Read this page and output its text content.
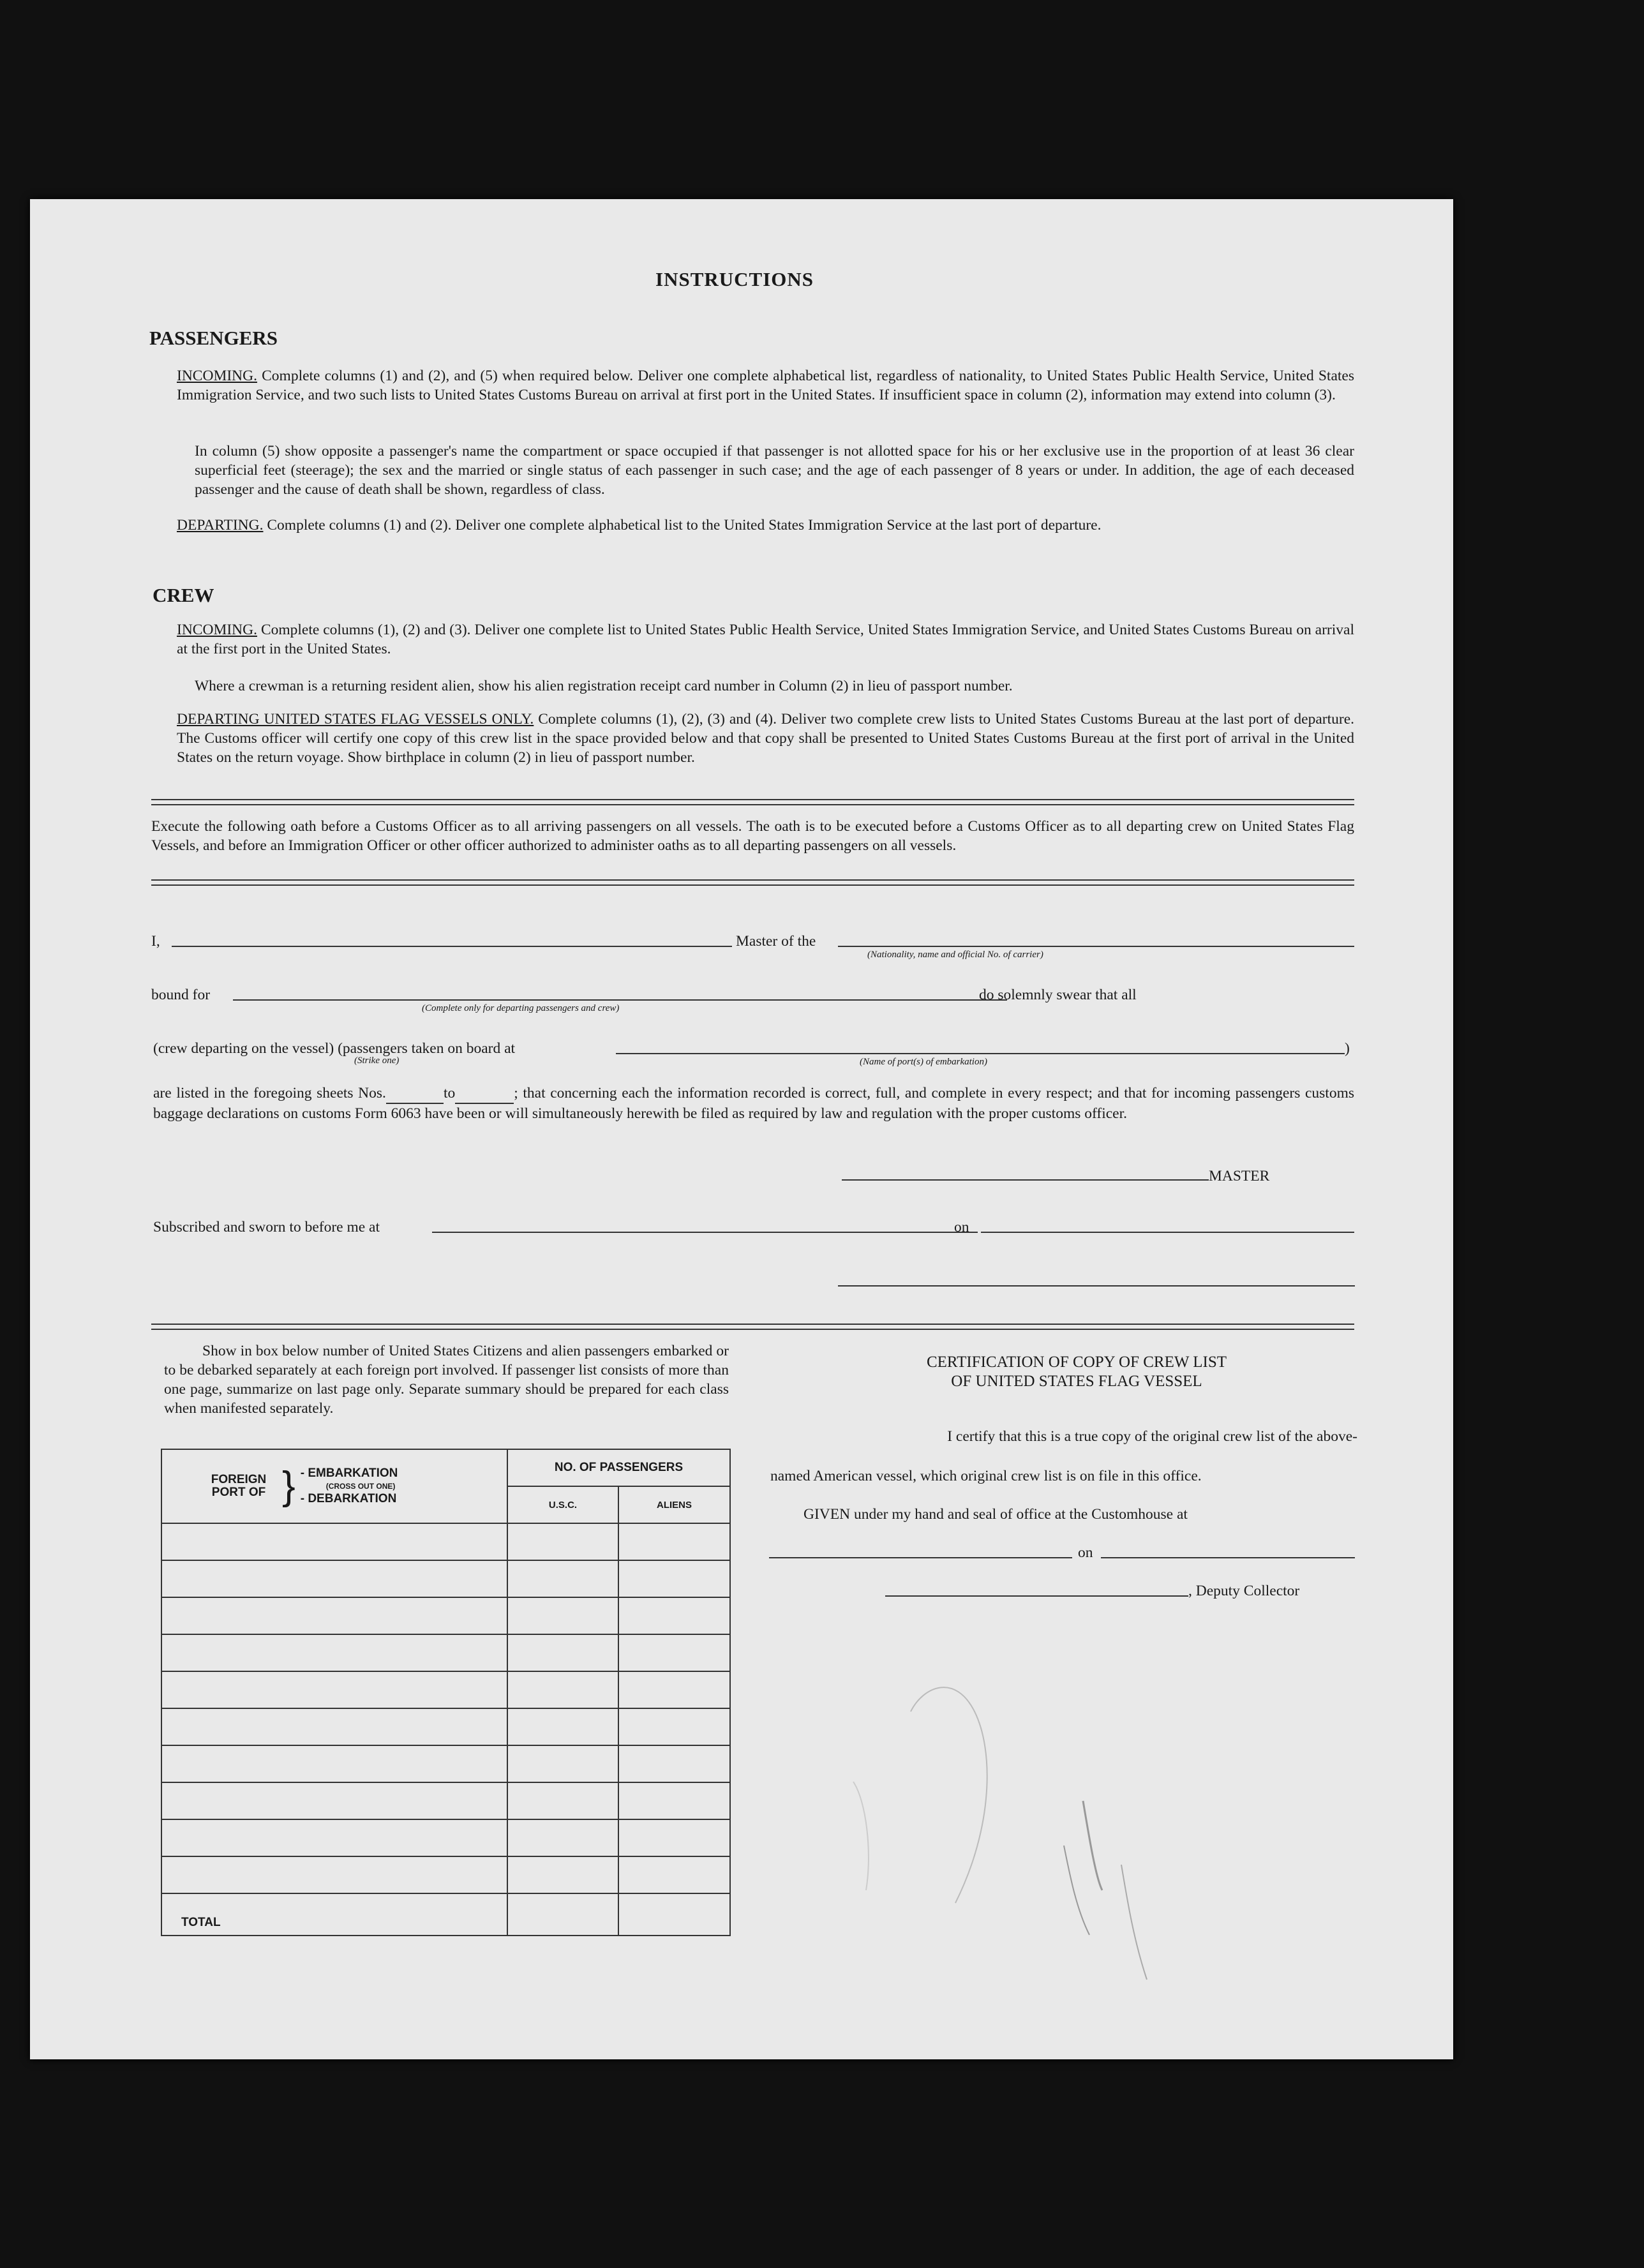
INSTRUCTIONS
PASSENGERS
INCOMING. Complete columns (1) and (2), and (5) when required below. Deliver one complete alphabetical list, regardless of nationality, to United States Public Health Service, United States Immigration Service, and two such lists to United States Customs Bureau on arrival at first port in the United States. If insufficient space in column (2), information may extend into column (3).
In column (5) show opposite a passenger's name the compartment or space occupied if that passenger is not allotted space for his or her exclusive use in the proportion of at least 36 clear superficial feet (steerage); the sex and the married or single status of each passenger in such case; and the age of each passenger of 8 years or under. In addition, the age of each deceased passenger and the cause of death shall be shown, regardless of class.
DEPARTING. Complete columns (1) and (2). Deliver one complete alphabetical list to the United States Immigration Service at the last port of departure.
CREW
INCOMING. Complete columns (1), (2) and (3). Deliver one complete list to United States Public Health Service, United States Immigration Service, and United States Customs Bureau on arrival at the first port in the United States.
Where a crewman is a returning resident alien, show his alien registration receipt card number in Column (2) in lieu of passport number.
DEPARTING UNITED STATES FLAG VESSELS ONLY. Complete columns (1), (2), (3) and (4). Deliver two complete crew lists to United States Customs Bureau at the last port of departure. The Customs officer will certify one copy of this crew list in the space provided below and that copy shall be presented to United States Customs Bureau at the first port of arrival in the United States on the return voyage. Show birthplace in column (2) in lieu of passport number.
Execute the following oath before a Customs Officer as to all arriving passengers on all vessels. The oath is to be executed before a Customs Officer as to all departing crew on United States Flag Vessels, and before an Immigration Officer or other officer authorized to administer oaths as to all departing passengers on all vessels.
I,	Master of the
(Nationality, name and official No. of carrier)
bound for
(Complete only for departing passengers and crew)
do solemnly swear that all
(crew departing on the vessel) (passengers taken on board at
(Strike one)	(Name of port(s) of embarkation)
)
are listed in the foregoing sheets Nos.	to	; that concerning each the information recorded is correct, full, and complete in every respect; and that for incoming passengers customs baggage declarations on customs Form 6063 have been or will simultaneously herewith be filed as required by law and regulation with the proper customs officer.
MASTER
Subscribed and sworn to before me at	on
Show in box below number of United States Citizens and alien passengers embarked or to be debarked separately at each foreign port involved. If passenger list consists of more than one page, summarize on last page only. Separate summary should be prepared for each class when manifested separately.
FOREIGN PORT OF } - EMBARKATION
(CROSS OUT ONE)
- DEBARKATION	NO. OF PASSENGERS	
	U.S.C.	ALIENS

TOTAL		
CERTIFICATION OF COPY OF CREW LIST
OF UNITED STATES FLAG VESSEL
I certify that this is a true copy of the original crew list of the above-
named American vessel, which original crew list is on file in this office.
GIVEN under my hand and seal of office at the Customhouse at
on
, Deputy Collector
